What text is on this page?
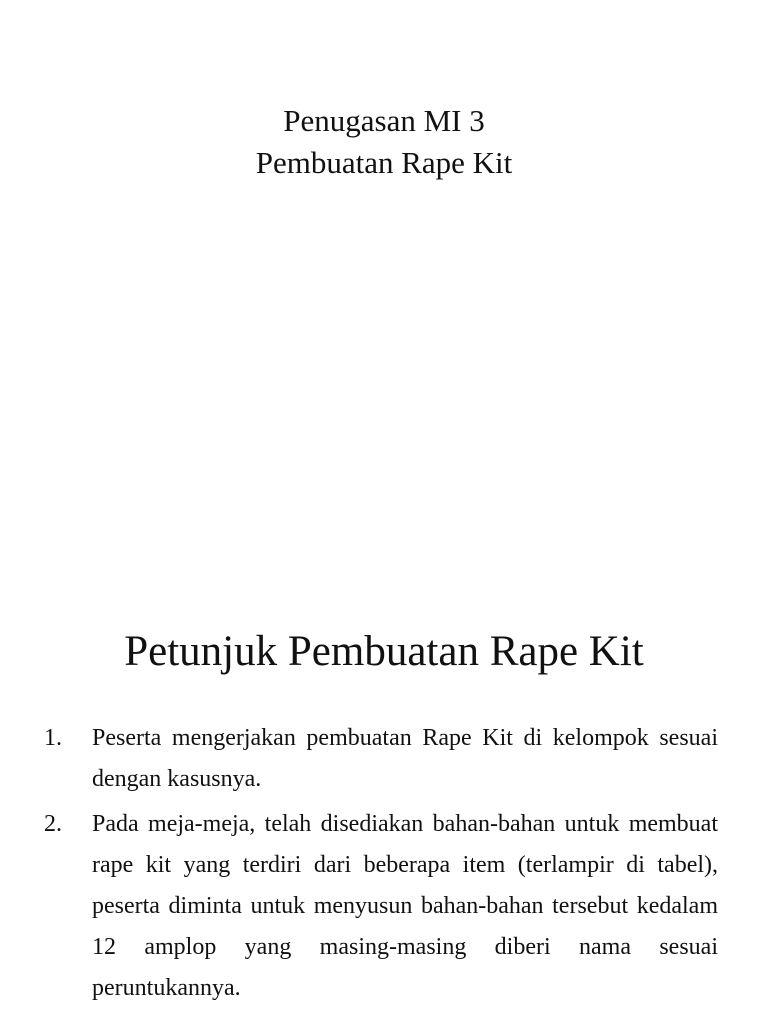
Penugasan MI 3
Pembuatan Rape Kit
Petunjuk Pembuatan Rape Kit
1.	Peserta mengerjakan pembuatan Rape Kit di kelompok sesuai dengan kasusnya.
2.	Pada meja-meja, telah disediakan bahan-bahan untuk membuat rape kit yang terdiri dari beberapa item (terlampir di tabel), peserta diminta untuk menyusun bahan-bahan tersebut kedalam 12 amplop yang masing-masing diberi nama sesuai peruntukannya.
